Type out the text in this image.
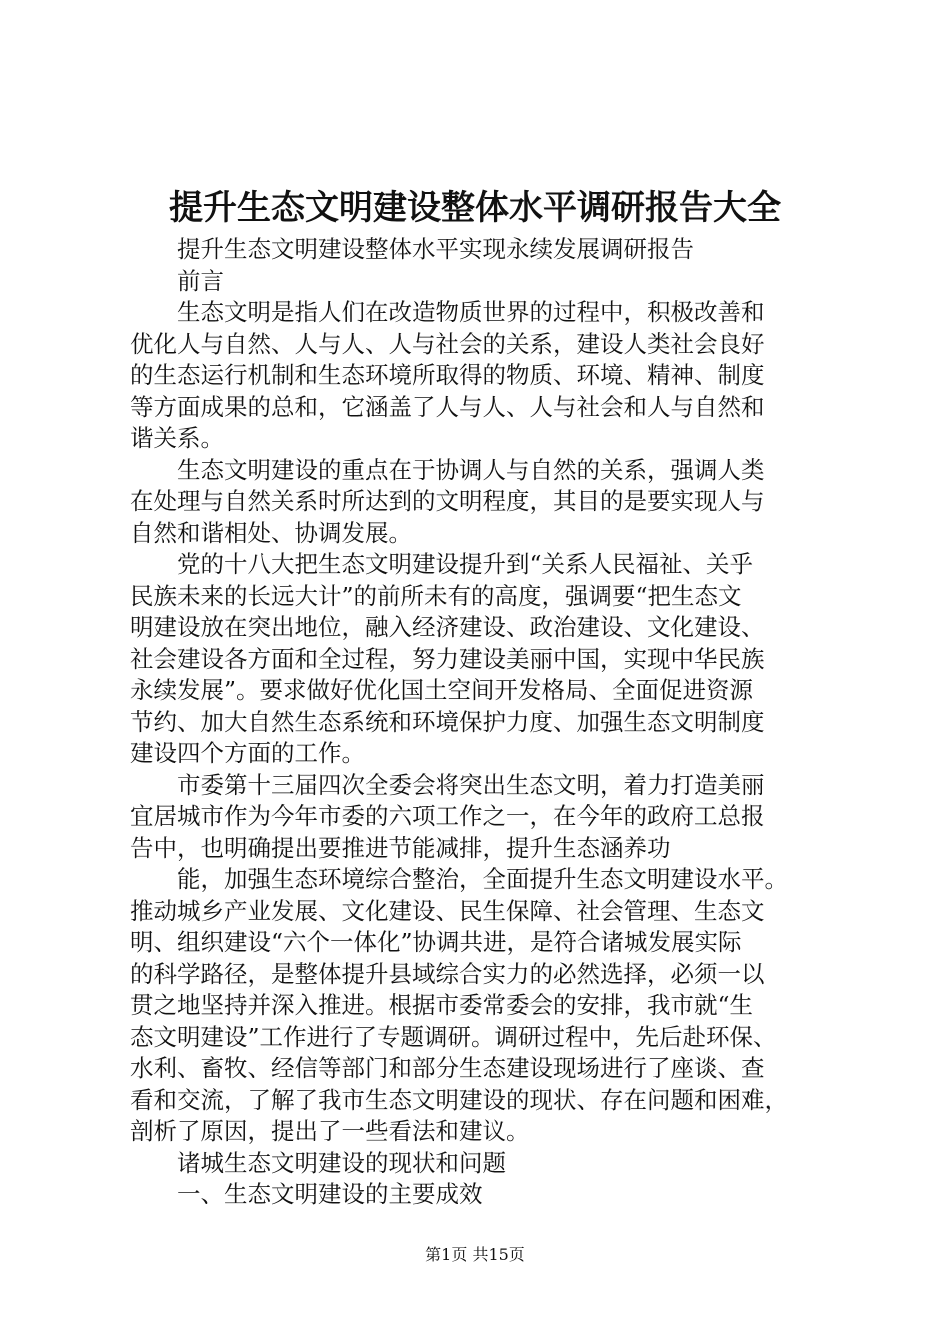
提升生态文明建设整体水平调研报告大全
提升生态文明建设整体水平实现永续发展调研报告
前言
生态文明是指人们在改造物质世界的过程中，积极改善和
优化人与自然、人与人、人与社会的关系，建设人类社会良好
的生态运行机制和生态环境所取得的物质、环境、精神、制度
等方面成果的总和，它涵盖了人与人、人与社会和人与自然和
谐关系。
生态文明建设的重点在于协调人与自然的关系，强调人类
在处理与自然关系时所达到的文明程度，其目的是要实现人与
自然和谐相处、协调发展。
党的十八大把生态文明建设提升到“关系人民福祉、关乎
民族未来的长远大计”的前所未有的高度，强调要“把生态文
明建设放在突出地位，融入经济建设、政治建设、文化建设、
社会建设各方面和全过程，努力建设美丽中国，实现中华民族
永续发展”。要求做好优化国土空间开发格局、全面促进资源
节约、加大自然生态系统和环境保护力度、加强生态文明制度
建设四个方面的工作。
市委第十三届四次全委会将突出生态文明，着力打造美丽
宜居城市作为今年市委的六项工作之一，在今年的政府工总报
告中，也明确提出要推进节能减排，提升生态涵养功
能，加强生态环境综合整治，全面提升生态文明建设水平。
推动城乡产业发展、文化建设、民生保障、社会管理、生态文
明、组织建设“六个一体化”协调共进，是符合诸城发展实际
的科学路径，是整体提升县域综合实力的必然选择，必须一以
贯之地坚持并深入推进。根据市委常委会的安排，我市就“生
态文明建设”工作进行了专题调研。调研过程中，先后赴环保、
水利、畜牧、经信等部门和部分生态建设现场进行了座谈、查
看和交流，了解了我市生态文明建设的现状、存在问题和困难，
剖析了原因，提出了一些看法和建议。
诸城生态文明建设的现状和问题
一、生态文明建设的主要成效
第1页 共15页
